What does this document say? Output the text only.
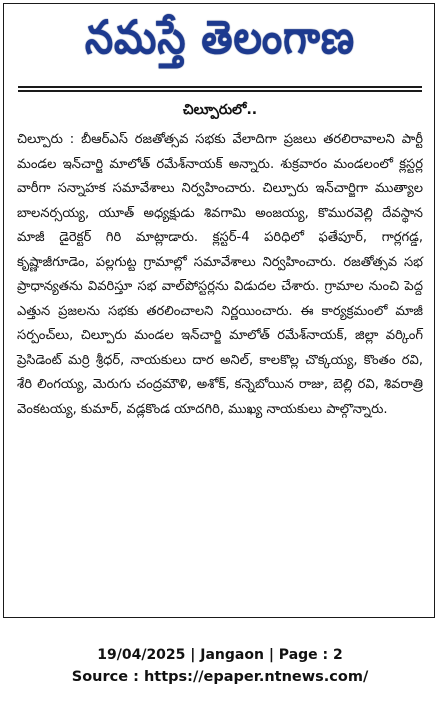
నమస్తే తెలంగాణ
చిల్పూరులో..
చిల్పూరు : బీఆర్ఎస్ రజతోత్సవ సభకు వేలాదిగా ప్రజలు తరలిరావాలని పార్టీ మండల ఇన్‌చార్జి మాలోత్ రమేశ్‌నాయక్ అన్నారు. శుక్రవారం మండలంలో క్లస్టర్ల వారీగా సన్నాహక సమావేశాలు నిర్వహించారు. చిల్పూరు ఇన్‌చార్జిగా ముత్యాల బాలనర్సయ్య, యూత్ అధ్యక్షుడు శివగామి అంజయ్య, కొమురవెల్లి దేవస్థాన మాజీ డైరెక్టర్ గిరి మాట్లాడారు. క్లస్టర్-4 పరిధిలో ఫతేపూర్, గార్లగడ్డ, కృష్ణాజీగూడెం, పల్లగుట్ట గ్రామాల్లో సమావేశాలు నిర్వహించారు. రజతోత్సవ సభ ప్రాధాన్యతను వివరిస్తూ సభ వాల్‌పోస్టర్లను విడుదల చేశారు. గ్రామాల నుంచి పెద్ద ఎత్తున ప్రజలను సభకు తరలించాలని నిర్ణయించారు. ఈ కార్యక్రమంలో మాజీ సర్పంచ్‌లు, చిల్పూరు మండల ఇన్‌చార్జి మాలోత్ రమేశ్‌నాయక్, జిల్లా వర్కింగ్ ప్రెసిడెంట్ మర్రి శ్రీధర్, నాయకులు దార అనిల్, కాలకొల్ల చొక్కయ్య, కొంతం రవి, శేరి లింగయ్య, మెరుగు చంద్రమౌళి, అశోక్, కన్నెబోయిన రాజు, బెల్లి రవి, శివరాత్రి వెంకటయ్య, కుమార్, వడ్లకొండ యాదగిరి, ముఖ్య నాయకులు పాల్గొన్నారు.
19/04/2025 | Jangaon | Page : 2
Source : https://epaper.ntnews.com/
